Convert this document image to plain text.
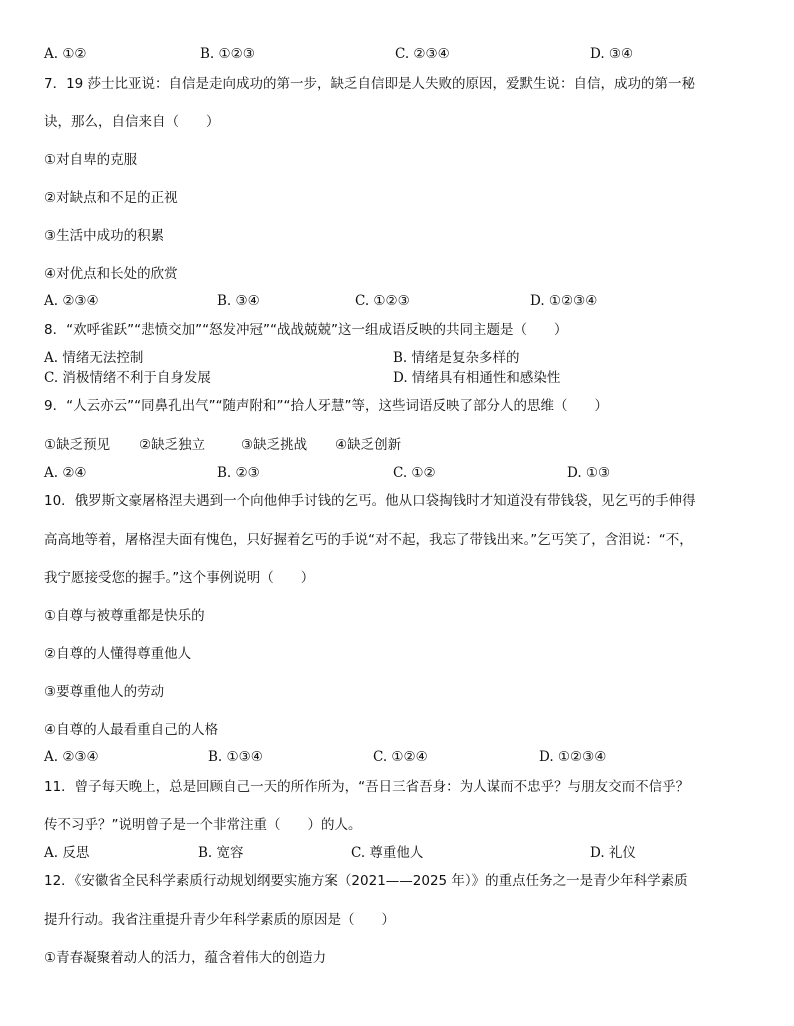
A. ①②	B. ①②③	C. ②③④	D. ③④
7．19 莎士比亚说：自信是走向成功的第一步，缺乏自信即是人失败的原因，爱默生说：自信，成功的第一秘
诀，那么，自信来自（　　）
①对自卑的克服
②对缺点和不足的正视
③生活中成功的积累
④对优点和长处的欣赏
A. ②③④	B. ③④	C. ①②③	D. ①②③④
8．“欢呼雀跃”“悲愤交加”“怒发冲冠”“战战兢兢”这一组成语反映的共同主题是（　　）
A. 情绪无法控制	B. 情绪是复杂多样的
C. 消极情绪不利于自身发展	D. 情绪具有相通性和感染性
9．“人云亦云”“同鼻孔出气”“随声附和”“拾人牙慧”等，这些词语反映了部分人的思维（　　）
①缺乏预见 ②缺乏独立	③缺乏挑战 ④缺乏创新
A. ②④	B. ②③	C. ①②	D. ①③
10．俄罗斯文豪屠格涅夫遇到一个向他伸手讨钱的乞丐。他从口袋掏钱时才知道没有带钱袋，见乞丐的手伸得
高高地等着，屠格涅夫面有愧色，只好握着乞丐的手说“对不起，我忘了带钱出来。”乞丐笑了，含泪说：“不，
我宁愿接受您的握手。”这个事例说明（　　）
①自尊与被尊重都是快乐的
②自尊的人懂得尊重他人
③要尊重他人的劳动
④自尊的人最看重自己的人格
A. ②③④	B. ①③④	C. ①②④	D. ①②③④
11．曾子每天晚上，总是回顾自己一天的所作所为，“吾日三省吾身：为人谋而不忠乎？与朋友交而不信乎？
传不习乎？”说明曾子是一个非常注重（　　）的人。
A. 反思	B. 宽容	C. 尊重他人	D. 礼仪
12．《安徽省全民科学素质行动规划纲要实施方案（2021——2025 年）》的重点任务之一是青少年科学素质
提升行动。我省注重提升青少年科学素质的原因是（　　）
①青春凝聚着动人的活力，蕴含着伟大的创造力
